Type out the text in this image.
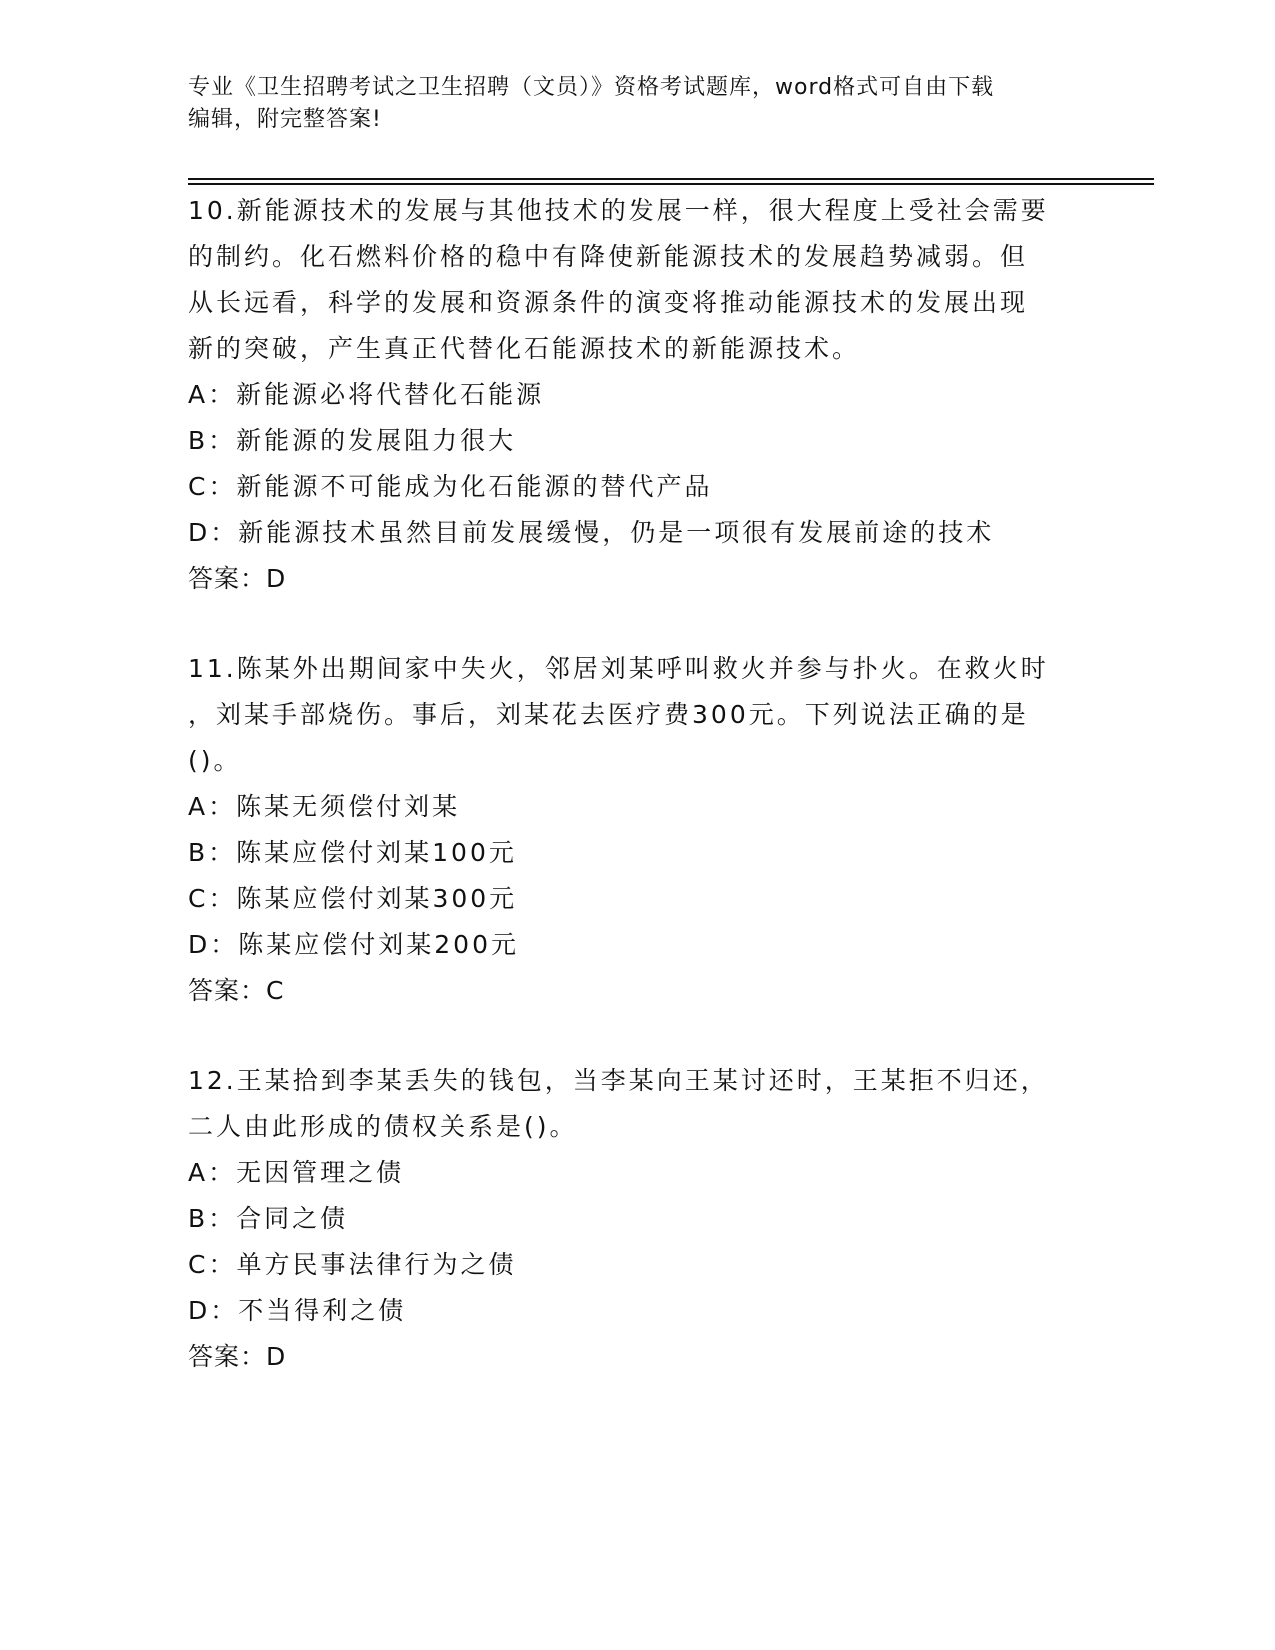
专业《卫生招聘考试之卫生招聘（文员）》资格考试题库，word格式可自由下载
编辑，附完整答案!
10.新能源技术的发展与其他技术的发展一样，很大程度上受社会需要
的制约。化石燃料价格的稳中有降使新能源技术的发展趋势减弱。但
从长远看，科学的发展和资源条件的演变将推动能源技术的发展出现
新的突破，产生真正代替化石能源技术的新能源技术。
A：新能源必将代替化石能源
B：新能源的发展阻力很大
C：新能源不可能成为化石能源的替代产品
D：新能源技术虽然目前发展缓慢，仍是一项很有发展前途的技术
答案：D
11.陈某外出期间家中失火，邻居刘某呼叫救火并参与扑火。在救火时
，刘某手部烧伤。事后，刘某花去医疗费300元。下列说法正确的是
()。
A：陈某无须偿付刘某
B：陈某应偿付刘某100元
C：陈某应偿付刘某300元
D：陈某应偿付刘某200元
答案：C
12.王某拾到李某丢失的钱包，当李某向王某讨还时，王某拒不归还，
二人由此形成的债权关系是()。
A：无因管理之债
B：合同之债
C：单方民事法律行为之债
D：不当得利之债
答案：D
